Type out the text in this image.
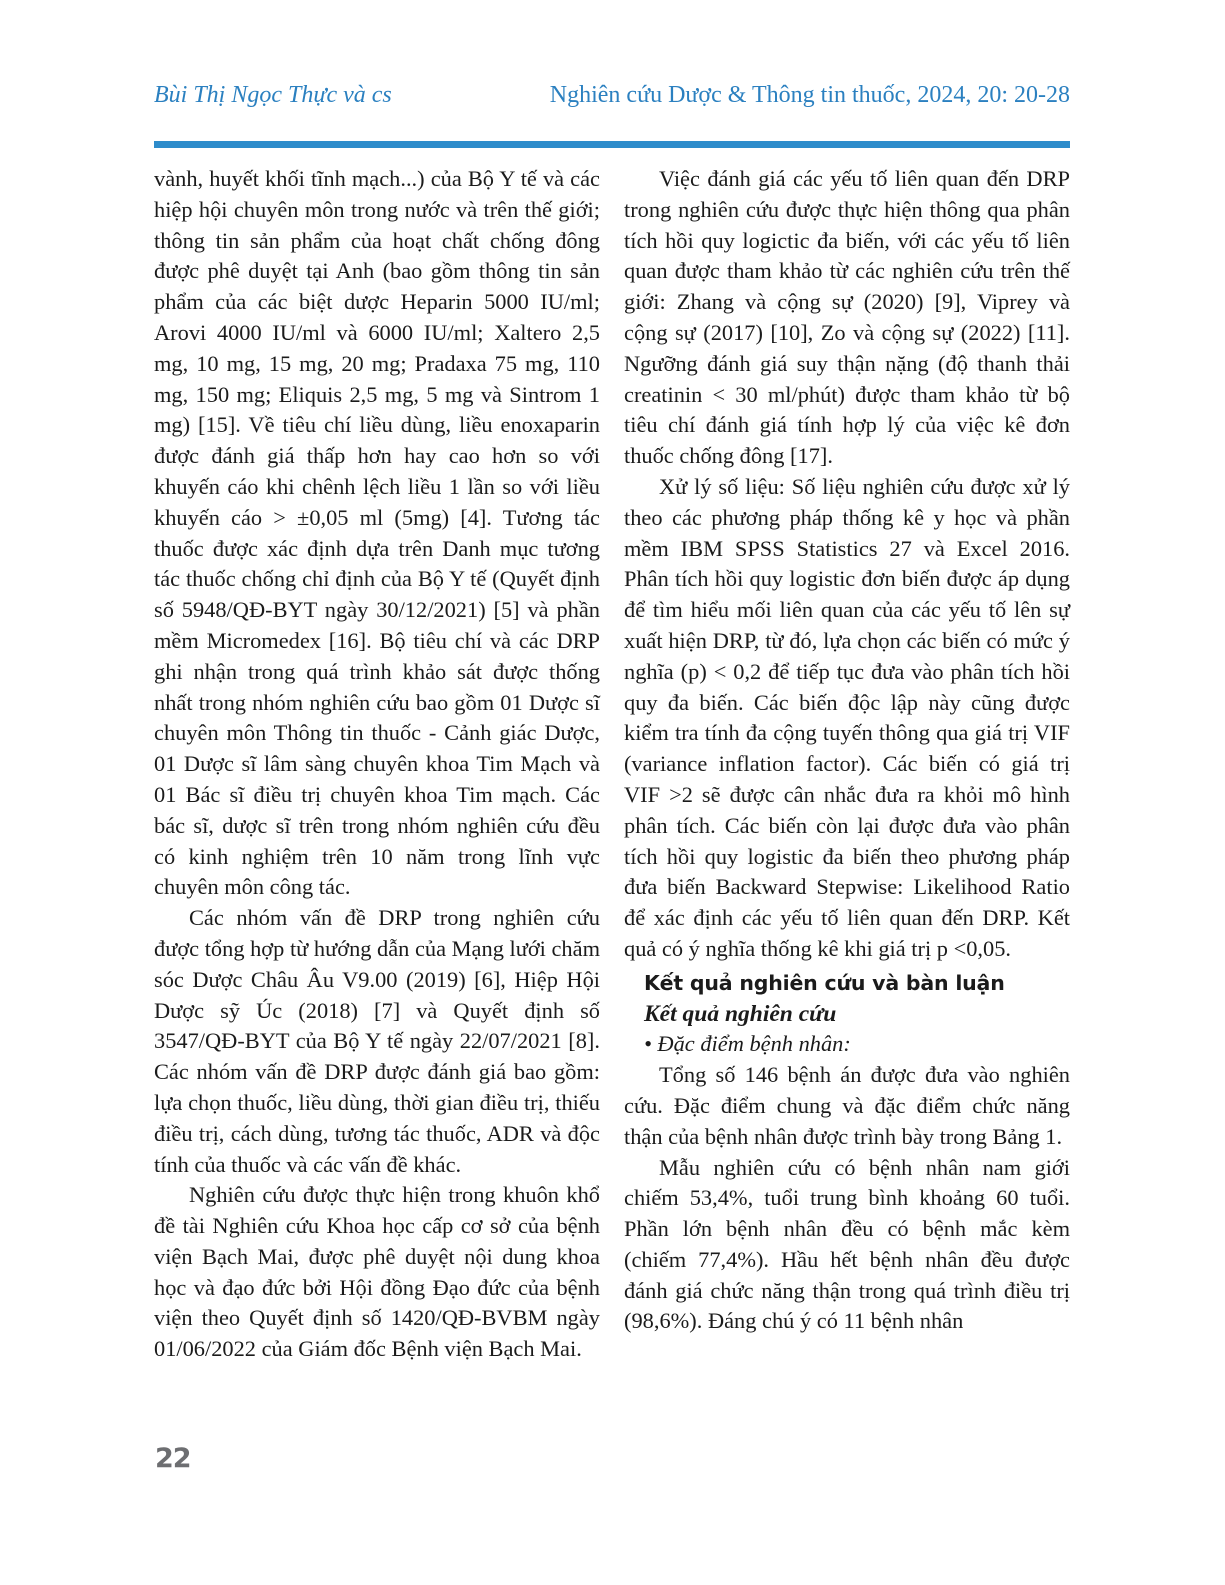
Bùi Thị Ngọc Thực và cs	Nghiên cứu Dược & Thông tin thuốc, 2024, 20: 20-28

vành, huyết khối tĩnh mạch...) của Bộ Y tế và các hiệp hội chuyên môn trong nước và trên thế giới; thông tin sản phẩm của hoạt chất chống đông được phê duyệt tại Anh (bao gồm thông tin sản phẩm của các biệt dược Heparin 5000 IU/ml; Arovi 4000 IU/ml và 6000 IU/ml; Xaltero 2,5 mg, 10 mg, 15 mg, 20 mg; Pradaxa 75 mg, 110 mg, 150 mg; Eliquis 2,5 mg, 5 mg và Sintrom 1 mg) [15]. Về tiêu chí liều dùng, liều enoxaparin được đánh giá thấp hơn hay cao hơn so với khuyến cáo khi chênh lệch liều 1 lần so với liều khuyến cáo > ±0,05 ml (5mg) [4]. Tương tác thuốc được xác định dựa trên Danh mục tương tác thuốc chống chỉ định của Bộ Y tế (Quyết định số 5948/QĐ-BYT ngày 30/12/2021) [5] và phần mềm Micromedex [16]. Bộ tiêu chí và các DRP ghi nhận trong quá trình khảo sát được thống nhất trong nhóm nghiên cứu bao gồm 01 Dược sĩ chuyên môn Thông tin thuốc - Cảnh giác Dược, 01 Dược sĩ lâm sàng chuyên khoa Tim Mạch và 01 Bác sĩ điều trị chuyên khoa Tim mạch. Các bác sĩ, dược sĩ trên trong nhóm nghiên cứu đều có kinh nghiệm trên 10 năm trong lĩnh vực chuyên môn công tác.

Các nhóm vấn đề DRP trong nghiên cứu được tổng hợp từ hướng dẫn của Mạng lưới chăm sóc Dược Châu Âu V9.00 (2019) [6], Hiệp Hội Dược sỹ Úc (2018) [7] và Quyết định số 3547/QĐ-BYT của Bộ Y tế ngày 22/07/2021 [8]. Các nhóm vấn đề DRP được đánh giá bao gồm: lựa chọn thuốc, liều dùng, thời gian điều trị, thiếu điều trị, cách dùng, tương tác thuốc, ADR và độc tính của thuốc và các vấn đề khác.

Nghiên cứu được thực hiện trong khuôn khổ đề tài Nghiên cứu Khoa học cấp cơ sở của bệnh viện Bạch Mai, được phê duyệt nội dung khoa học và đạo đức bởi Hội đồng Đạo đức của bệnh viện theo Quyết định số 1420/QĐ-BVBM ngày 01/06/2022 của Giám đốc Bệnh viện Bạch Mai.

Việc đánh giá các yếu tố liên quan đến DRP trong nghiên cứu được thực hiện thông qua phân tích hồi quy logictic đa biến, với các yếu tố liên quan được tham khảo từ các nghiên cứu trên thế giới: Zhang và cộng sự (2020) [9], Viprey và cộng sự (2017) [10], Zo và cộng sự (2022) [11]. Ngưỡng đánh giá suy thận nặng (độ thanh thải creatinin < 30 ml/phút) được tham khảo từ bộ tiêu chí đánh giá tính hợp lý của việc kê đơn thuốc chống đông [17].

Xử lý số liệu: Số liệu nghiên cứu được xử lý theo các phương pháp thống kê y học và phần mềm IBM SPSS Statistics 27 và Excel 2016. Phân tích hồi quy logistic đơn biến được áp dụng để tìm hiểu mối liên quan của các yếu tố lên sự xuất hiện DRP, từ đó, lựa chọn các biến có mức ý nghĩa (p) < 0,2 để tiếp tục đưa vào phân tích hồi quy đa biến. Các biến độc lập này cũng được kiểm tra tính đa cộng tuyến thông qua giá trị VIF (variance inflation factor). Các biến có giá trị VIF >2 sẽ được cân nhắc đưa ra khỏi mô hình phân tích. Các biến còn lại được đưa vào phân tích hồi quy logistic đa biến theo phương pháp đưa biến Backward Stepwise: Likelihood Ratio để xác định các yếu tố liên quan đến DRP. Kết quả có ý nghĩa thống kê khi giá trị p <0,05.

Kết quả nghiên cứu và bàn luận
Kết quả nghiên cứu

• Đặc điểm bệnh nhân:

Tổng số 146 bệnh án được đưa vào nghiên cứu. Đặc điểm chung và đặc điểm chức năng thận của bệnh nhân được trình bày trong Bảng 1.

Mẫu nghiên cứu có bệnh nhân nam giới chiếm 53,4%, tuổi trung bình khoảng 60 tuổi. Phần lớn bệnh nhân đều có bệnh mắc kèm (chiếm 77,4%). Hầu hết bệnh nhân đều được đánh giá chức năng thận trong quá trình điều trị (98,6%). Đáng chú ý có 11 bệnh nhân

22
